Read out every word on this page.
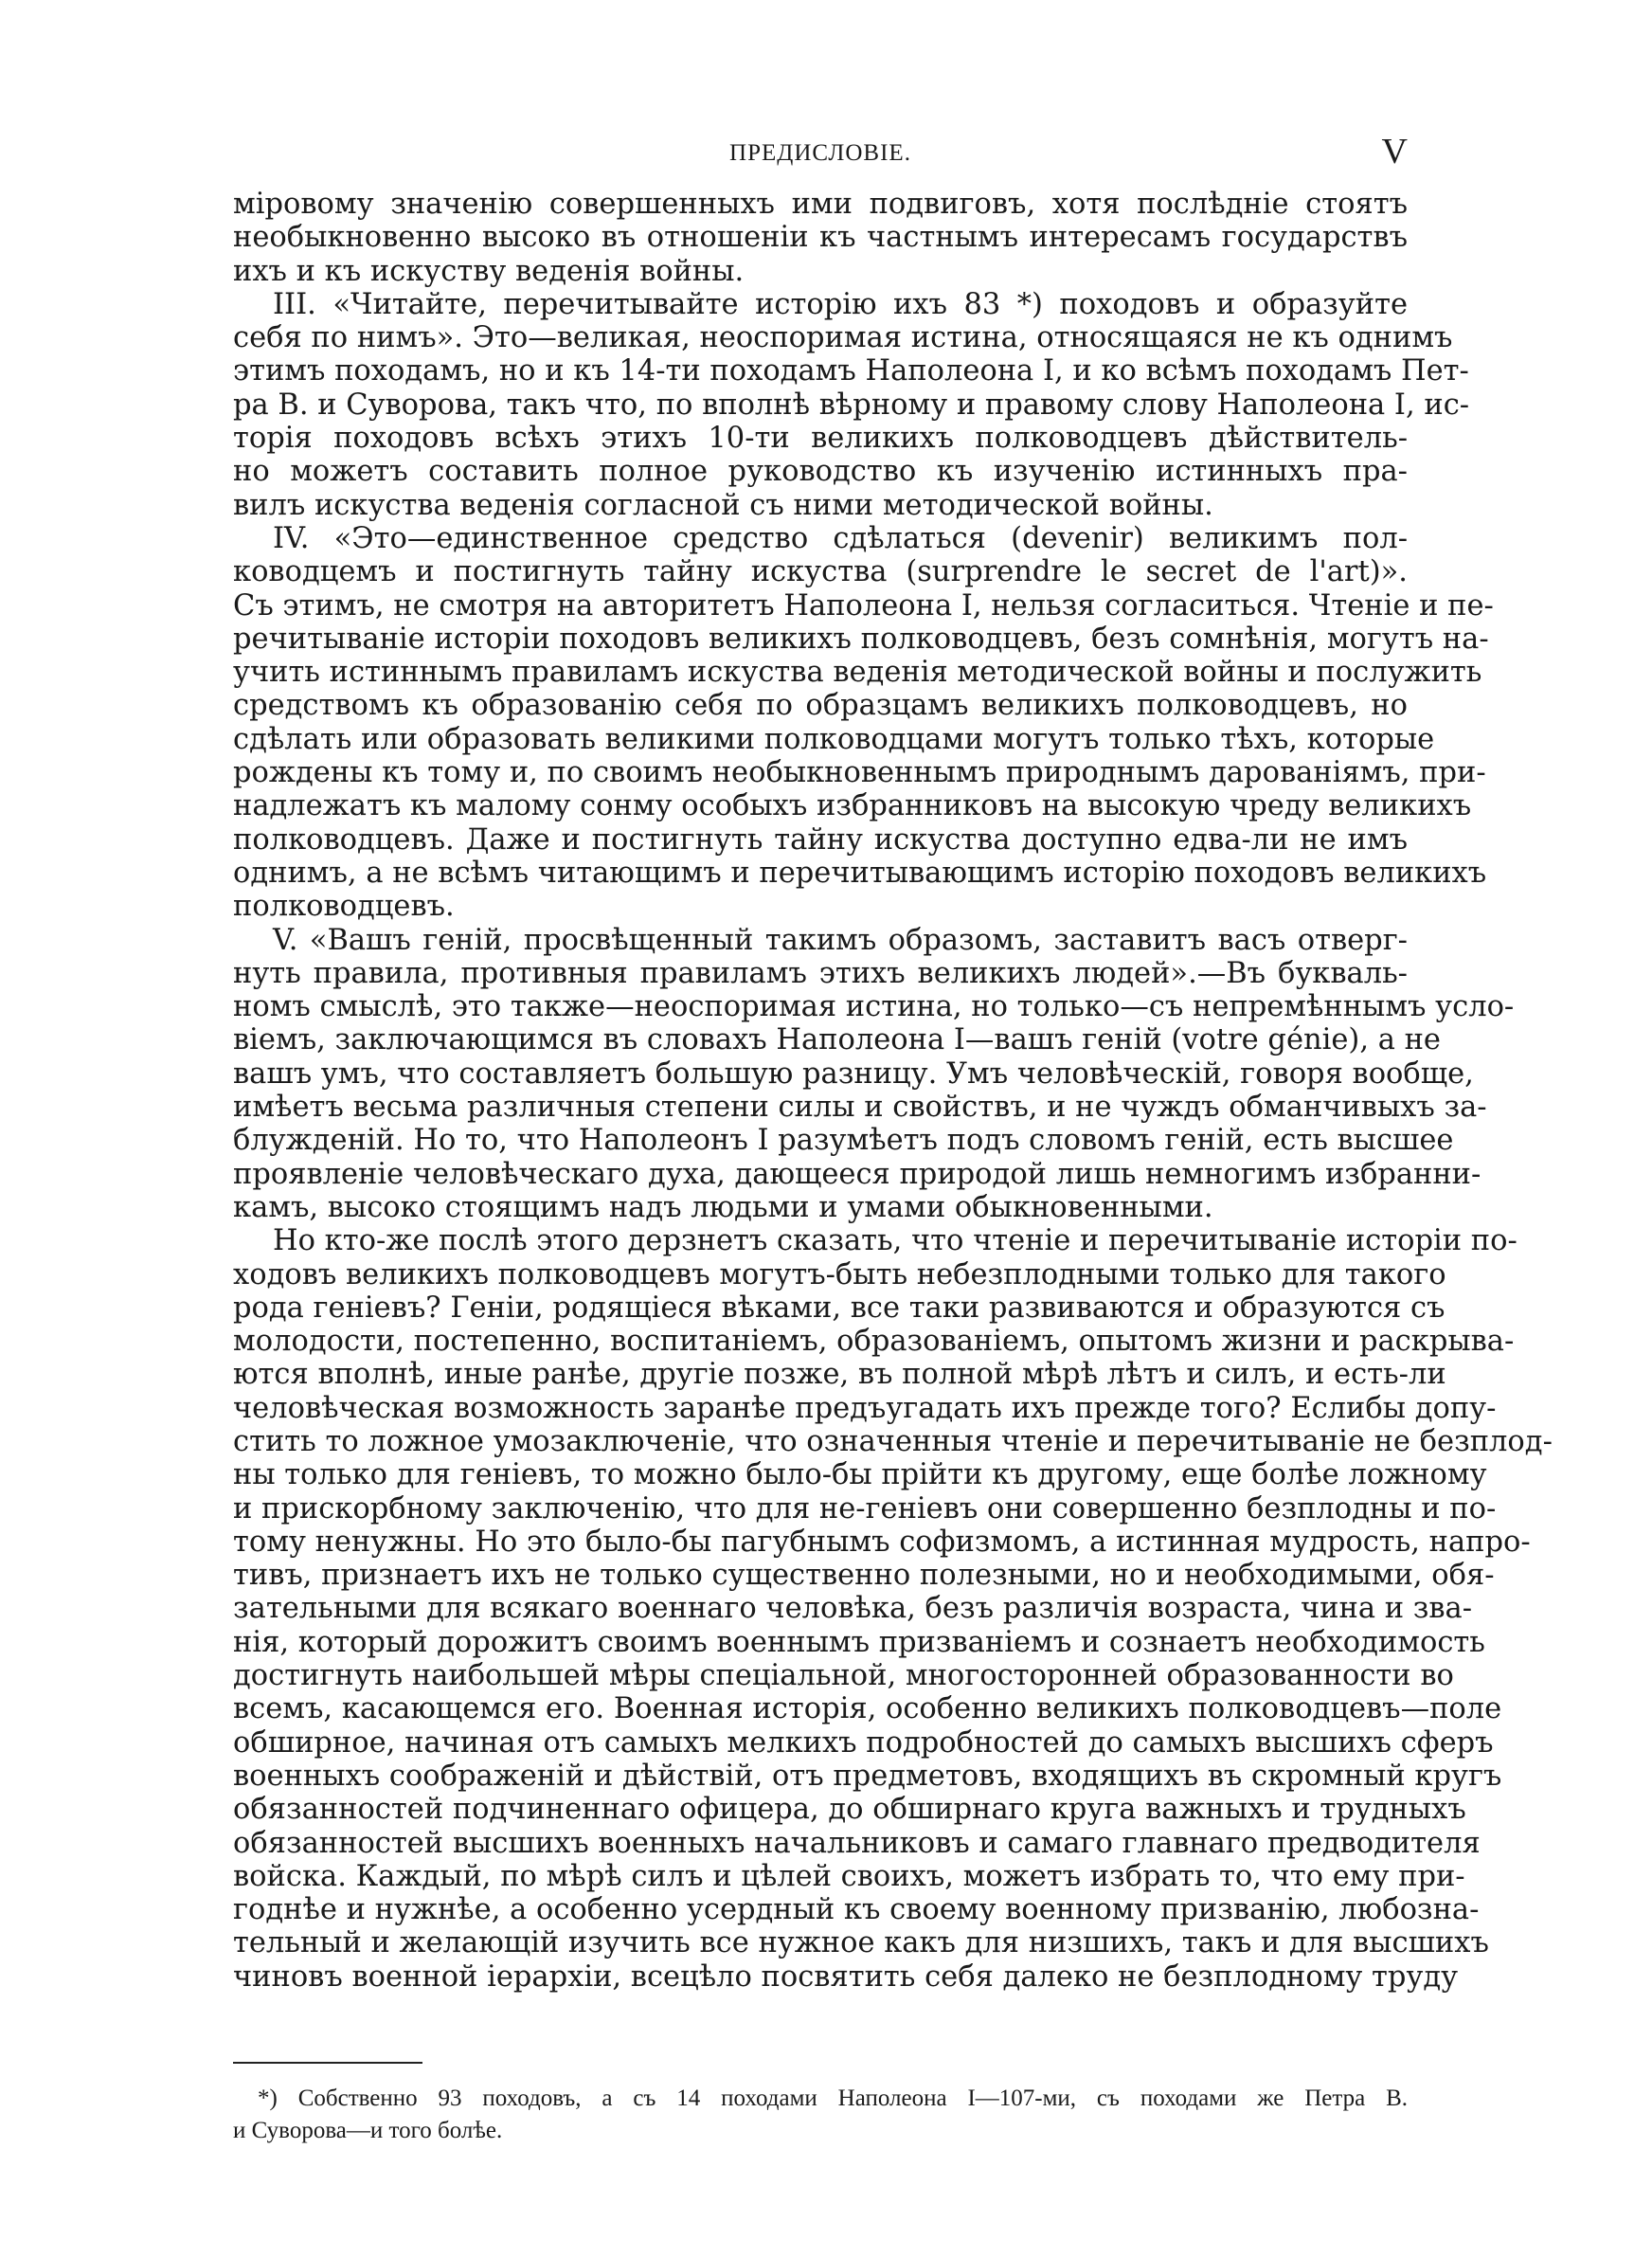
ПРЕДИСЛОВIE.	V
мiровому значенiю совершенныхъ ими подвиговъ, хотя послѣднiе стоятъ
необыкновенно высоко въ отношенiи къ частнымъ интересамъ государствъ
ихъ и къ искуству веденiя войны.
III. «Читайте, перечитывайте исторiю ихъ 83 *) походовъ и образуйте
себя по нимъ». Это—великая, неоспоримая истина, относящаяся не къ однимъ
этимъ походамъ, но и къ 14-ти походамъ Наполеона I, и ко всѣмъ походамъ Пет-
ра В. и Суворова, такъ что, по вполнѣ вѣрному и правому слову Наполеона I, ис-
торiя походовъ всѣхъ этихъ 10-ти великихъ полководцевъ дѣйствитель-
но можетъ составить полное руководство къ изученiю истинныхъ пра-
вилъ искуства веденiя согласной съ ними методической войны.
IV. «Это—единственное средство сдѣлаться (devenir) великимъ пол-
ководцемъ и постигнуть тайну искуства (surprendre le secret de l'art)».
Съ этимъ, не смотря на авторитетъ Наполеона I, нельзя согласиться. Чтенiе и пе-
речитыванiе исторiи походовъ великихъ полководцевъ, безъ сомнѣнiя, могутъ на-
учить истиннымъ правиламъ искуства веденiя методической войны и послужить
средствомъ къ образованiю себя по образцамъ великихъ полководцевъ, но
сдѣлать или образовать великими полководцами могутъ только тѣхъ, которые
рождены къ тому и, по своимъ необыкновеннымъ природнымъ дарованiямъ, при-
надлежатъ къ малому сонму особыхъ избранниковъ на высокую чреду великихъ
полководцевъ. Даже и постигнуть тайну искуства доступно едва-ли не имъ
однимъ, а не всѣмъ читающимъ и перечитывающимъ исторiю походовъ великихъ
полководцевъ.
V. «Вашъ генiй, просвѣщенный такимъ образомъ, заставитъ васъ отверг-
нуть правила, противныя правиламъ этихъ великихъ людей».—Въ букваль-
номъ смыслѣ, это также—неоспоримая истина, но только—съ непремѣннымъ усло-
вiемъ, заключающимся въ словахъ Наполеона I—вашъ генiй (votre génie), а не
вашъ умъ, что составляетъ большую разницу. Умъ человѣческiй, говоря вообще,
имѣетъ весьма различныя степени силы и свойствъ, и не чуждъ обманчивыхъ за-
блужденiй. Но то, что Наполеонъ I разумѣетъ подъ словомъ генiй, есть высшее
проявленiе человѣческаго духа, дающееся природой лишь немногимъ избранни-
камъ, высоко стоящимъ надъ людьми и умами обыкновенными.
Но кто-же послѣ этого дерзнетъ сказать, что чтенiе и перечитыванiе исторiи по-
ходовъ великихъ полководцевъ могутъ-быть небезплодными только для такого
рода генiевъ? Генiи, родящiеся вѣками, все таки развиваются и образуются съ
молодости, постепенно, воспитанiемъ, образованiемъ, опытомъ жизни и раскрыва-
ются вполнѣ, иные ранѣе, другiе позже, въ полной мѣрѣ лѣтъ и силъ, и есть-ли
человѣческая возможность заранѣе предъугадать ихъ прежде того? Еслибы допу-
стить то ложное умозаключенiе, что означенныя чтенiе и перечитыванiе не безплод-
ны только для генiевъ, то можно было-бы прiйти къ другому, еще болѣе ложному
и прискорбному заключенiю, что для не-генiевъ они совершенно безплодны и по-
тому ненужны. Но это было-бы пагубнымъ софизмомъ, а истинная мудрость, напро-
тивъ, признаетъ ихъ не только существенно полезными, но и необходимыми, обя-
зательными для всякаго военнаго человѣка, безъ различiя возраста, чина и зва-
нiя, который дорожитъ своимъ военнымъ призванiемъ и сознаетъ необходимость
достигнуть наибольшей мѣры спецiальной, многосторонней образованности во
всемъ, касающемся его. Военная исторiя, особенно великихъ полководцевъ—поле
обширное, начиная отъ самыхъ мелкихъ подробностей до самыхъ высшихъ сферъ
военныхъ соображенiй и дѣйствiй, отъ предметовъ, входящихъ въ скромный кругъ
обязанностей подчиненнаго офицера, до обширнаго круга важныхъ и трудныхъ
обязанностей высшихъ военныхъ начальниковъ и самаго главнаго предводителя
войска. Каждый, по мѣрѣ силъ и цѣлей своихъ, можетъ избрать то, что ему при-
годнѣе и нужнѣе, а особенно усердный къ своему военному призванiю, любозна-
тельный и желающiй изучить все нужное какъ для низшихъ, такъ и для высшихъ
чиновъ военной iерархiи, всецѣло посвятить себя далеко не безплодному труду
*) Собственно 93 походовъ, а съ 14 походами Наполеона I—107-ми, съ походами же Петра В.
и Суворова—и того болѣе.
